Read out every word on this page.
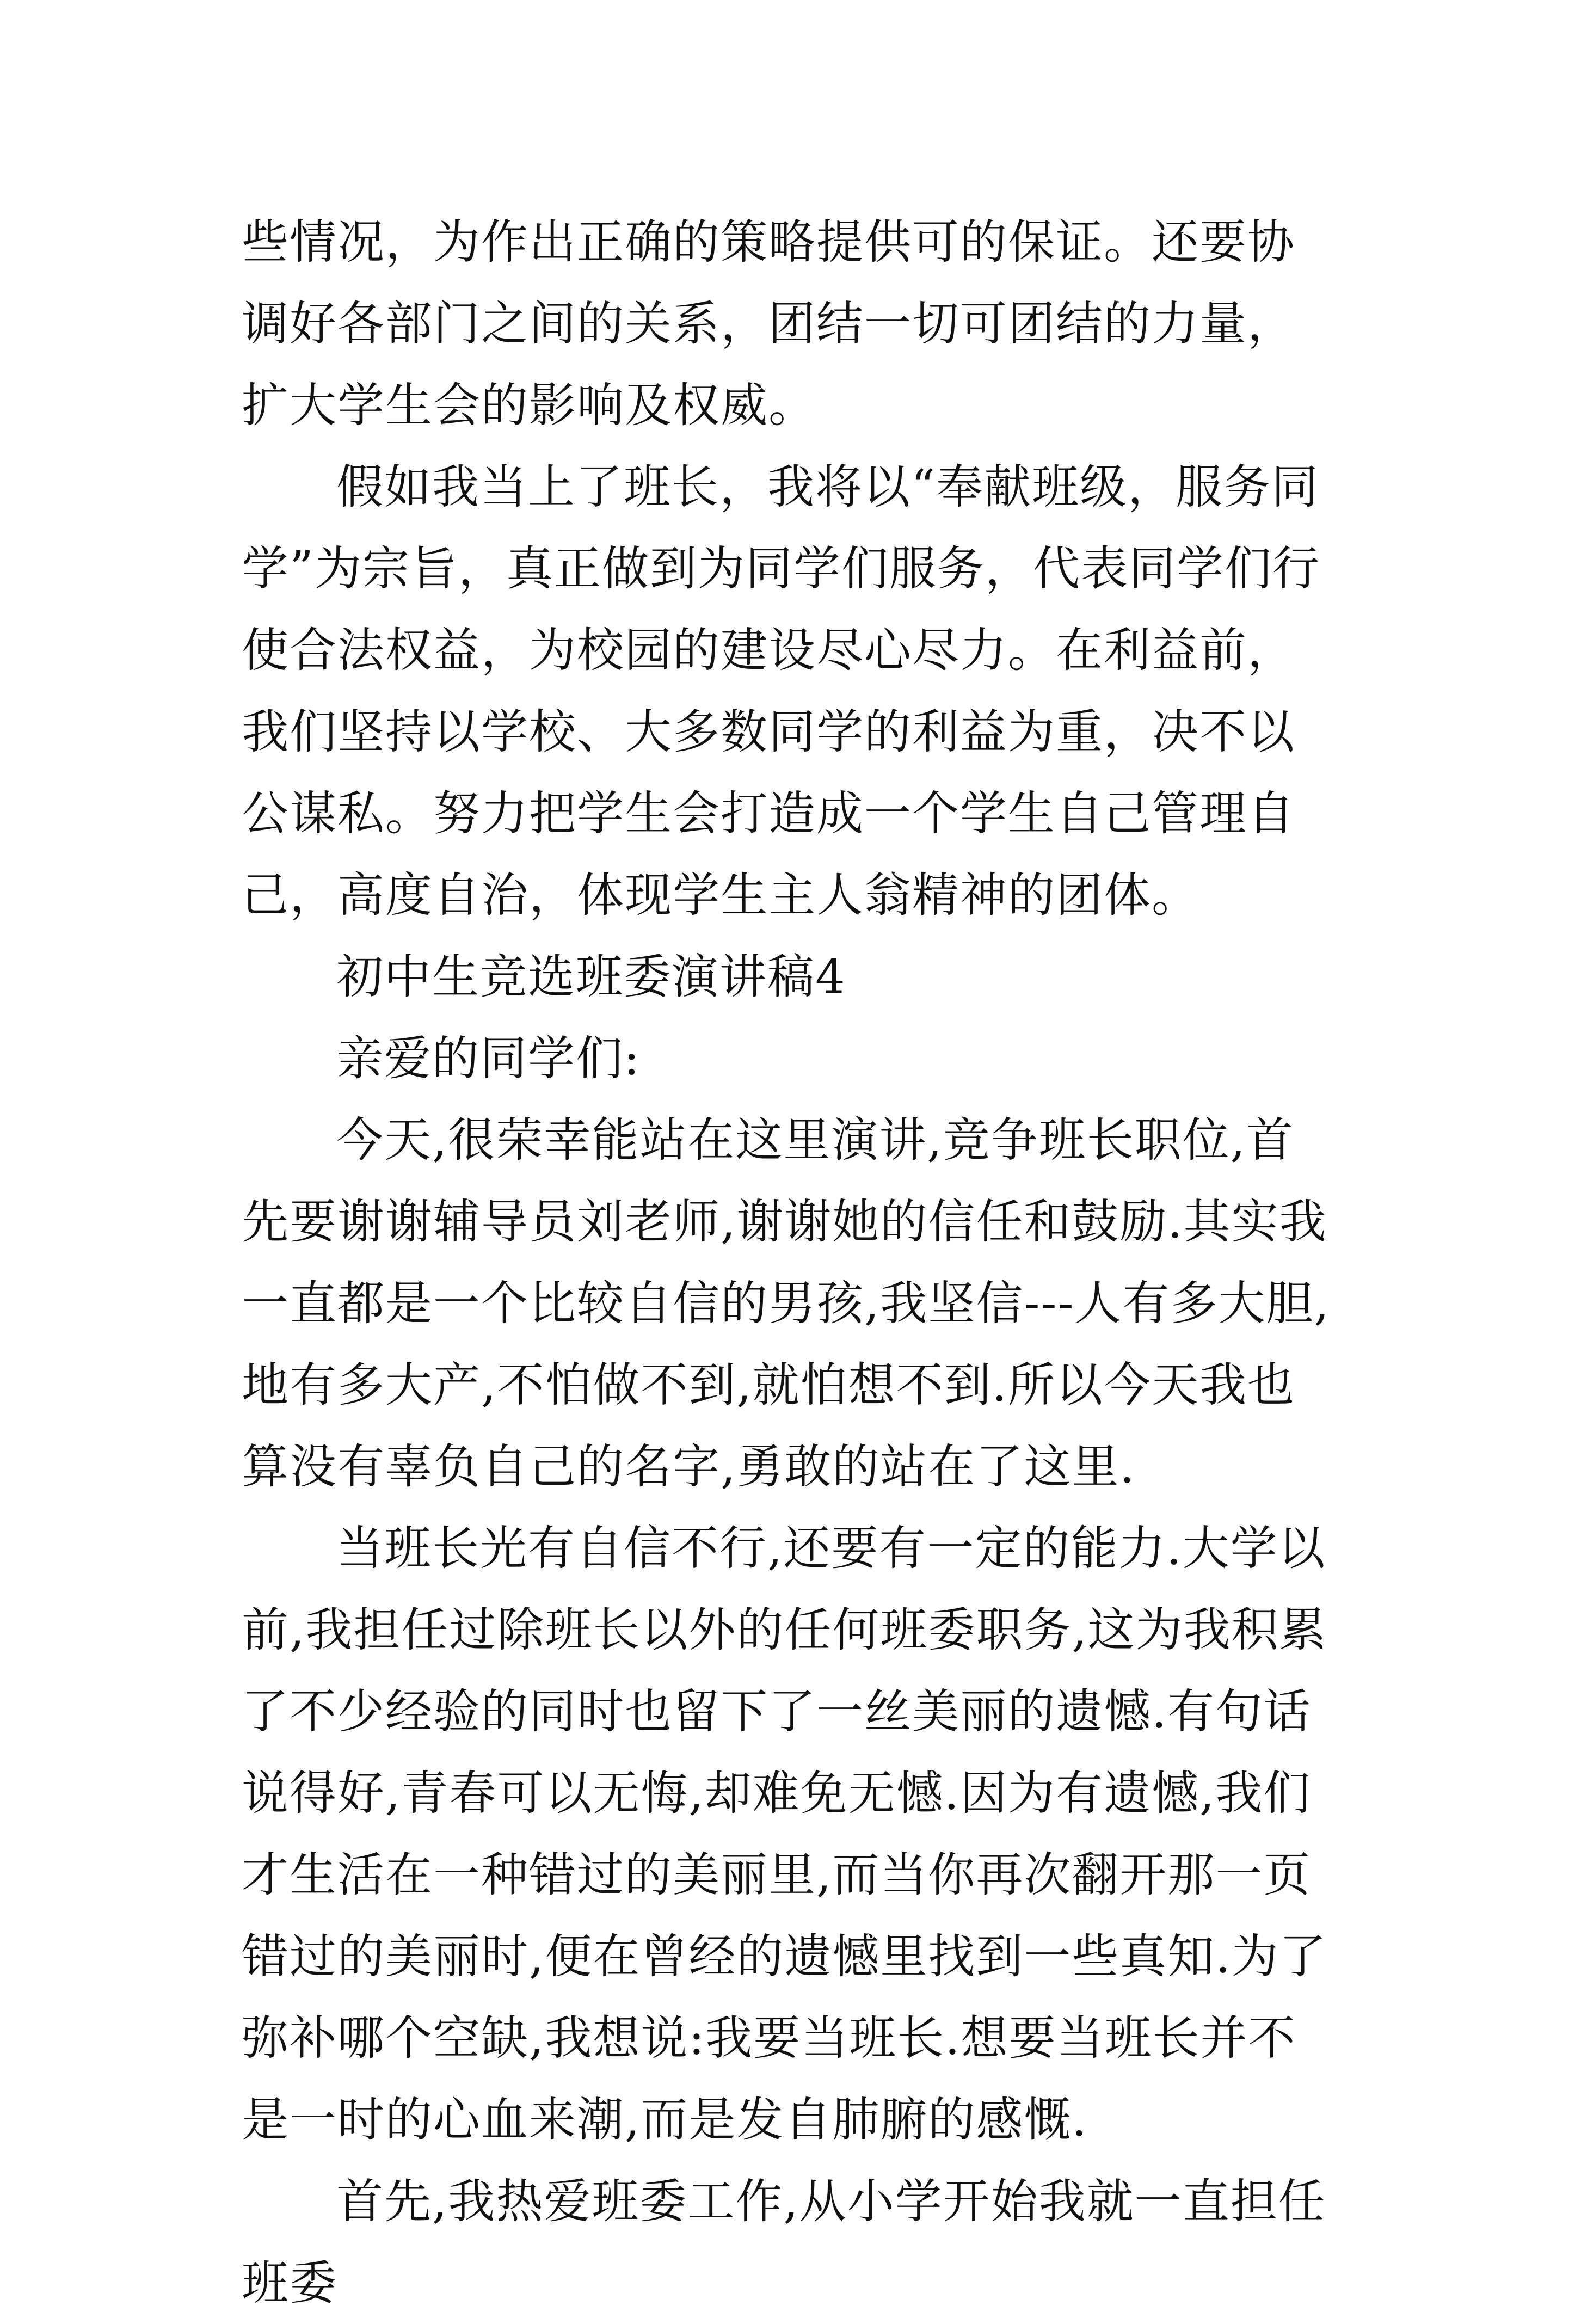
些情况，为作出正确的策略提供可的保证。还要协调好各部门之间的关系，团结一切可团结的力量，扩大学生会的影响及权威。

假如我当上了班长，我将以“奉献班级，服务同学”为宗旨，真正做到为同学们服务，代表同学们行使合法权益，为校园的建设尽心尽力。在利益前，我们坚持以学校、大多数同学的利益为重，决不以公谋私。努力把学生会打造成一个学生自己管理自己，高度自治，体现学生主人翁精神的团体。

初中生竞选班委演讲稿4

亲爱的同学们:

今天,很荣幸能站在这里演讲,竞争班长职位,首先要谢谢辅导员刘老师,谢谢她的信任和鼓励.其实我一直都是一个比较自信的男孩,我坚信---人有多大胆,地有多大产,不怕做不到,就怕想不到.所以今天我也算没有辜负自己的名字,勇敢的站在了这里.

当班长光有自信不行,还要有一定的能力.大学以前,我担任过除班长以外的任何班委职务,这为我积累了不少经验的同时也留下了一丝美丽的遗憾.有句话说得好,青春可以无悔,却难免无憾.因为有遗憾,我们才生活在一种错过的美丽里,而当你再次翻开那一页错过的美丽时,便在曾经的遗憾里找到一些真知.为了弥补哪个空缺,我想说:我要当班长.想要当班长并不是一时的心血来潮,而是发自肺腑的感慨.

首先,我热爱班委工作,从小学开始我就一直担任班委
